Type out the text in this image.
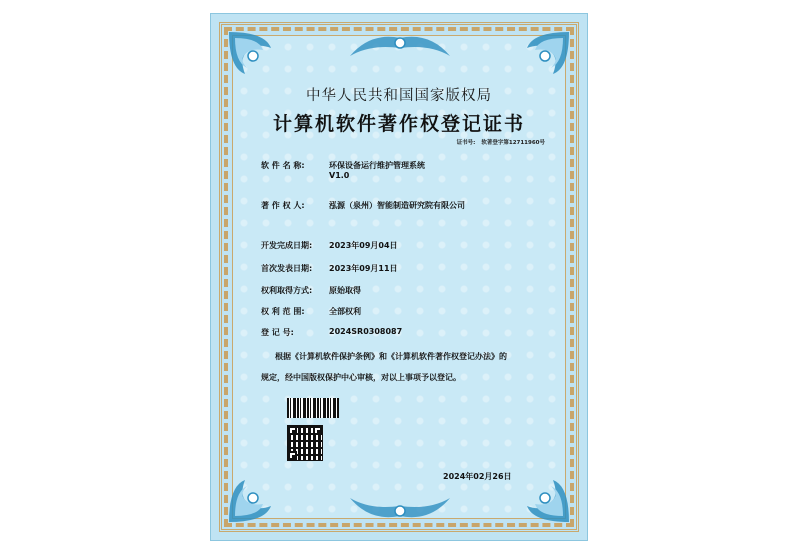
中华人民共和国国家版权局
计算机软件著作权登记证书
证书号: 软著登字第12711960号
软 件 名 称:	环保设备运行维护管理系统
V1.0
著 作 权 人:	泓源（泉州）智能制造研究院有限公司
开发完成日期: 2023年09月04日
首次发表日期: 2023年09月11日
权利取得方式: 原始取得
权 利 范 围:	全部权利
登 记 号:	2024SR0308087
根据《计算机软件保护条例》和《计算机软件著作权登记办法》的
规定，经中国版权保护中心审核，对以上事项予以登记。
2024年02月26日
